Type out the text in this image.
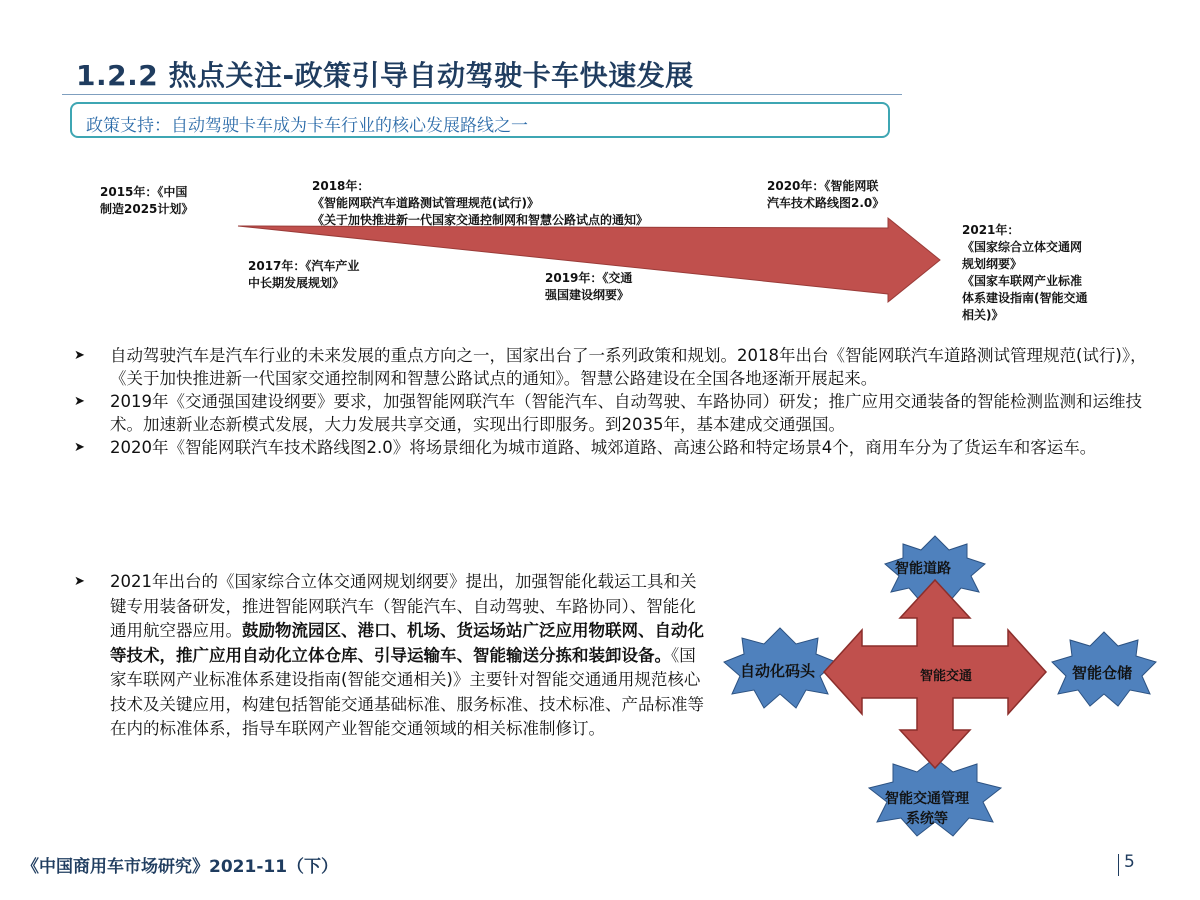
1.2.2 热点关注-政策引导自动驾驶卡车快速发展
政策支持：自动驾驶卡车成为卡车行业的核心发展路线之一
2015年：《中国
制造2025计划》
2017年：《汽车产业
中长期发展规划》
2018年：
《智能网联汽车道路测试管理规范(试行)》
《关于加快推进新一代国家交通控制网和智慧公路试点的通知》
2019年：《交通
强国建设纲要》
2020年：《智能网联
汽车技术路线图2.0》
2021年：
《国家综合立体交通网
规划纲要》
《国家车联网产业标准
体系建设指南(智能交通
相关)》
➤ 自动驾驶汽车是汽车行业的未来发展的重点方向之一，国家出台了一系列政策和规划。2018年出台《智能网联汽车道路测试管理规范(试行)》，《关于加快推进新一代国家交通控制网和智慧公路试点的通知》。智慧公路建设在全国各地逐渐开展起来。
➤ 2019年《交通强国建设纲要》要求，加强智能网联汽车（智能汽车、自动驾驶、车路协同）研发；推广应用交通装备的智能检测监测和运维技术。加速新业态新模式发展，大力发展共享交通，实现出行即服务。到2035年，基本建成交通强国。
➤ 2020年《智能网联汽车技术路线图2.0》将场景细化为城市道路、城郊道路、高速公路和特定场景4个，商用车分为了货运车和客运车。
➤ 2021年出台的《国家综合立体交通网规划纲要》提出，加强智能化载运工具和关键专用装备研发，推进智能网联汽车（智能汽车、自动驾驶、车路协同）、智能化通用航空器应用。鼓励物流园区、港口、机场、货运场站广泛应用物联网、自动化等技术，推广应用自动化立体仓库、引导运输车、智能输送分拣和装卸设备。《国家车联网产业标准体系建设指南(智能交通相关)》主要针对智能交通通用规范核心技术及关键应用，构建包括智能交通基础标准、服务标准、技术标准、产品标准等在内的标准体系，指导车联网产业智能交通领域的相关标准制修订。
智能道路
自动化码头	智能仓储
智能交通
智能交通管理
系统等
《中国商用车市场研究》2021-11（下）	5
